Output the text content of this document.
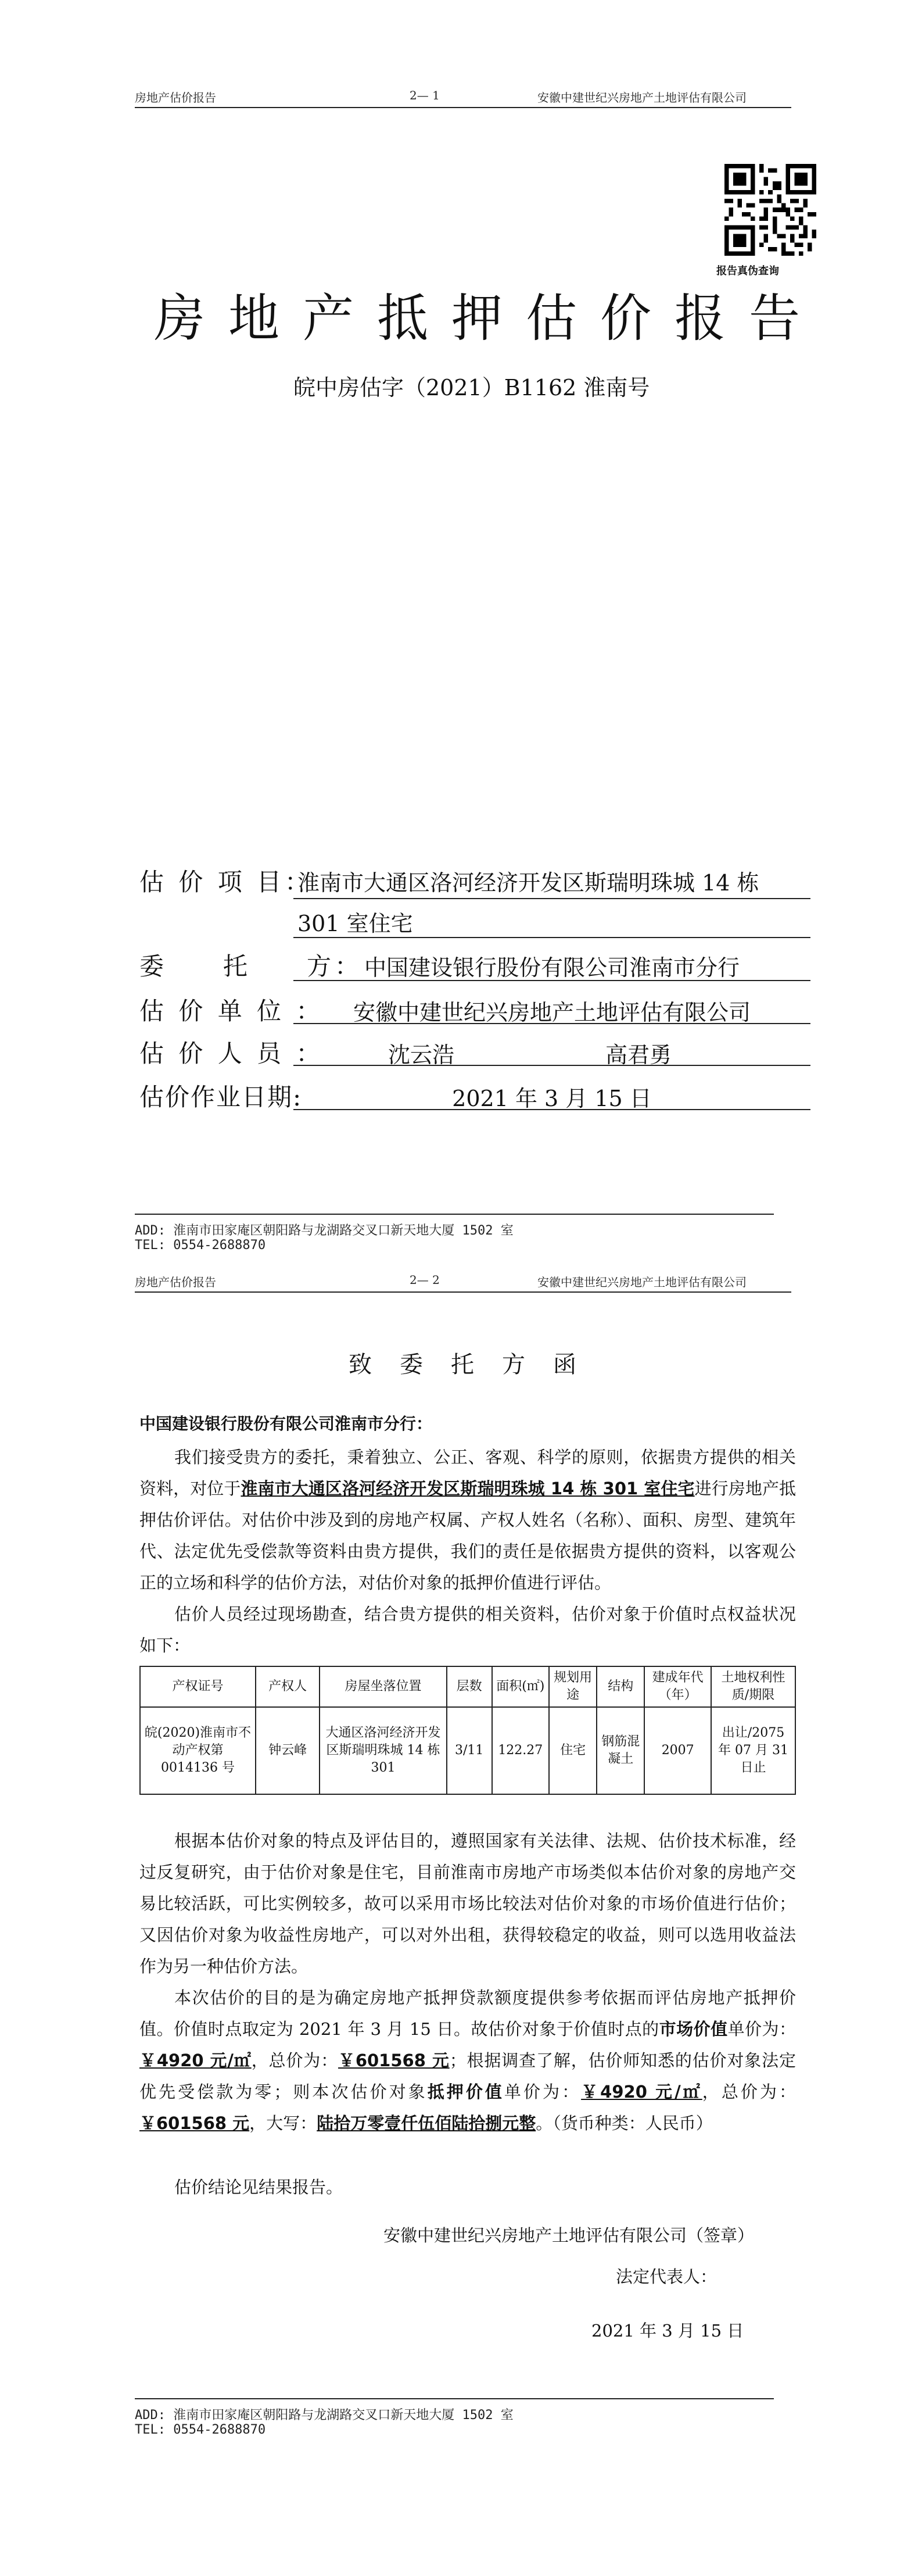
房地产估价报告	2— 1	安徽中建世纪兴房地产土地评估有限公司
报告真伪查询
房地产抵押估价报告
皖中房估字（2021）B1162 淮南号
估 价 项 目：
淮南市大通区洛河经济开发区斯瑞明珠城 14 栋
301 室住宅
委　　托　　方： 中国建设银行股份有限公司淮南市分行
估 价 单 位 ：	安徽中建世纪兴房地产土地评估有限公司
估 价 人 员 ：	沈云浩	高君勇
估价作业日期:	2021 年 3 月 15 日
ADD: 淮南市田家庵区朝阳路与龙湖路交叉口新天地大厦 1502 室
TEL: 0554-2688870
房地产估价报告	2— 2	安徽中建世纪兴房地产土地评估有限公司
致委托方函
中国建设银行股份有限公司淮南市分行：
我们接受贵方的委托，秉着独立、公正、客观、科学的原则，依据贵方提供的相关资料，对位于淮南市大通区洛河经济开发区斯瑞明珠城 14 栋 301 室住宅进行房地产抵押估价评估。对估价中涉及到的房地产权属、产权人姓名（名称）、面积、房型、建筑年代、法定优先受偿款等资料由贵方提供，我们的责任是依据贵方提供的资料，以客观公正的立场和科学的估价方法，对估价对象的抵押价值进行评估。
估价人员经过现场勘查，结合贵方提供的相关资料，估价对象于价值时点权益状况如下：
产权证号	产权人	房屋坐落位置	层数	面积(㎡)	规划用途	结构	建成年代（年）	土地权利性质/期限
皖(2020)淮南市不动产权第 0014136 号	钟云峰	大通区洛河经济开发区斯瑞明珠城 14 栋 301	3/11	122.27	住宅	钢筋混凝土	2007	出让/2075 年 07 月 31 日止
根据本估价对象的特点及评估目的，遵照国家有关法律、法规、估价技术标准，经过反复研究，由于估价对象是住宅，目前淮南市房地产市场类似本估价对象的房地产交易比较活跃，可比实例较多，故可以采用市场比较法对估价对象的市场价值进行估价；又因估价对象为收益性房地产，可以对外出租，获得较稳定的收益，则可以选用收益法作为另一种估价方法。
本次估价的目的是为确定房地产抵押贷款额度提供参考依据而评估房地产抵押价值。价值时点取定为 2021 年 3 月 15 日。故估价对象于价值时点的市场价值单价为：￥4920 元/㎡，总价为：￥601568 元；根据调查了解，估价师知悉的估价对象法定优先受偿款为零；则本次估价对象抵押价值单价为：￥4920 元/㎡，总价为：￥601568 元，大写：陆拾万零壹仟伍佰陆拾捌元整。（货币种类：人民币）
估价结论见结果报告。
安徽中建世纪兴房地产土地评估有限公司（签章）
法定代表人：
2021 年 3 月 15 日
ADD: 淮南市田家庵区朝阳路与龙湖路交叉口新天地大厦 1502 室
TEL: 0554-2688870
